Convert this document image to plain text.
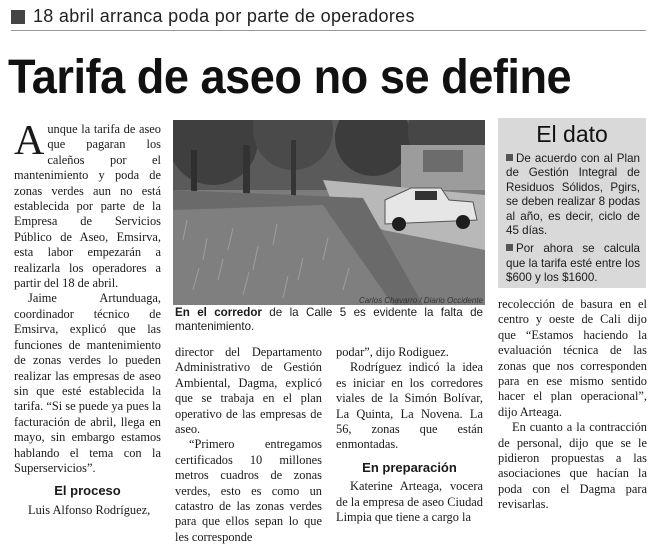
18 abril arranca poda por parte de operadores
Tarifa de aseo no se define

Aunque la tarifa de aseo que pagaran los caleños por el mantenimiento y poda de zonas verdes aun no está establecida por parte de la Empresa de Servicios Público de Aseo, Emsirva, esta labor empezarán a realizarla los operadores a partir del 18 de abril.

Jaime Artunduaga, coordinador técnico de Emsirva, explicó que las funciones de mantenimiento de zonas verdes lo pueden realizar las empresas de aseo sin que esté establecida la tarifa. “Si se puede ya pues la facturación de abril, llega en mayo, sin embargo estamos hablando el tema con la Superservicios”.

El proceso

Luis Alfonso Rodríguez,

Carlos Chavarro / Diario Occidente
En el corredor de la Calle 5 es evidente la falta de mantenimiento.

director del Departamento Administrativo de Gestión Ambiental, Dagma, explicó que se trabaja en el plan operativo de las empresas de aseo.

“Primero entregamos certificados 10 millones metros cuadros de zonas verdes, esto es como un catastro de las zonas verdes para que ellos sepan lo que les corresponde

podar”, dijo Rodiguez.

Rodríguez indicó la idea es iniciar en los corredores viales de la Simón Bolívar, La Quinta, La Novena. La 56, zonas que están enmontadas.

En preparación

Katerine Arteaga, vocera de la empresa de aseo Ciudad Limpia que tiene a cargo la

El dato
De acuerdo con al Plan de Gestión Integral de Residuos Sólidos, Pgirs, se deben realizar 8 podas al año, es decir, ciclo de 45 días.
Por ahora se calcula que la tarifa esté entre los $600 y los $1600.

recolección de basura en el centro y oeste de Cali dijo que “Estamos haciendo la evaluación técnica de las zonas que nos corresponden para en ese mismo sentido hacer el plan operacional”, dijo Arteaga.

En cuanto a la contracción de personal, dijo que se le pidieron propuestas a las asociaciones que hacían la poda con el Dagma para revisarlas.
